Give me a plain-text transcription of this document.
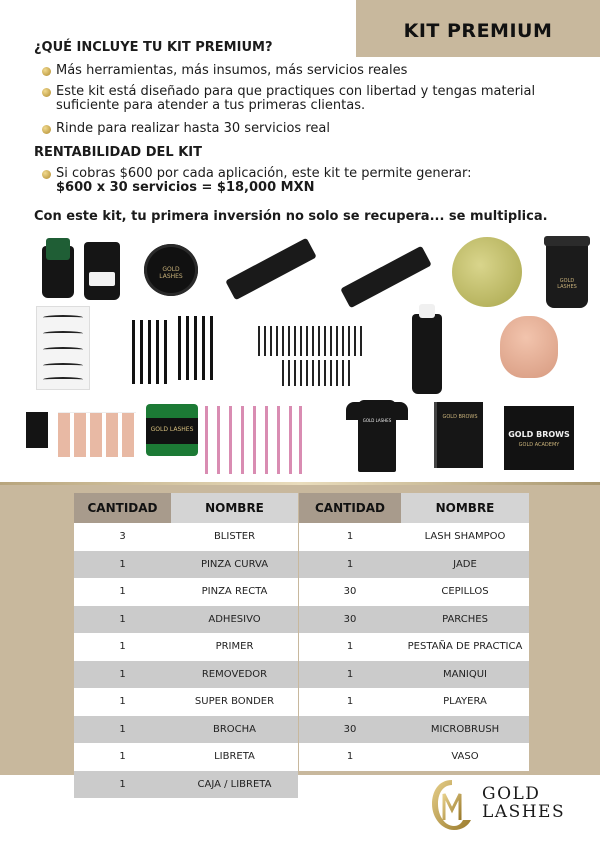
KIT PREMIUM
¿QUÉ INCLUYE TU KIT PREMIUM?
Más herramientas, más insumos, más servicios reales
Este kit está diseñado para que practiques con libertad y tengas material suficiente para atender a tus primeras clientas.
Rinde para realizar hasta 30 servicios real
RENTABILIDAD DEL KIT
Si cobras $600 por cada aplicación, este kit te permite generar:
$600 x 30 servicios = $18,000 MXN
Con este kit, tu primera inversión no solo se recupera... se multiplica.
GOLD LASHES
GOLD LASHES
GOLD LASHES
GOLD LASHES
GOLD BROWS
GOLD BROWS
GOLD ACADEMY
CANTIDAD	NOMBRE
3	BLISTER
1	PINZA CURVA
1	PINZA RECTA
1	ADHESIVO
1	PRIMER
1	REMOVEDOR
1	SUPER BONDER
1	BROCHA
1	LIBRETA
1	CAJA / LIBRETA
CANTIDAD	NOMBRE
1	LASH SHAMPOO
1	JADE
30	CEPILLOS
30	PARCHES
1	PESTAÑA DE PRACTICA
1	MANIQUI
1	PLAYERA
30	MICROBRUSH
1	VASO
GOLD
LASHES
